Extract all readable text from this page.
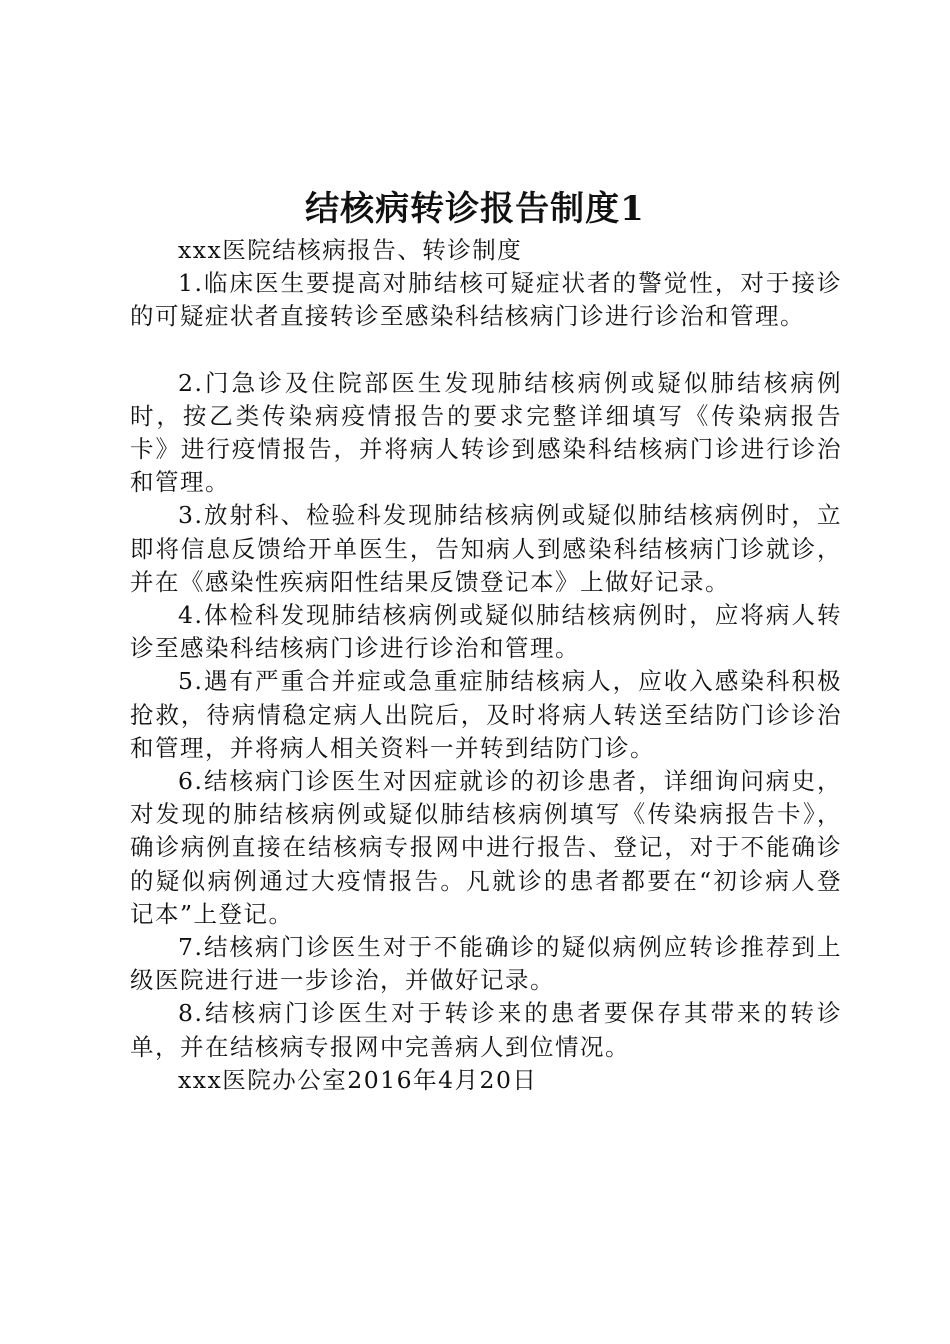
结核病转诊报告制度1

xxx医院结核病报告、转诊制度

1.临床医生要提高对肺结核可疑症状者的警觉性，对于接诊的可疑症状者直接转诊至感染科结核病门诊进行诊治和管理。

2.门急诊及住院部医生发现肺结核病例或疑似肺结核病例时，按乙类传染病疫情报告的要求完整详细填写《传染病报告卡》进行疫情报告，并将病人转诊到感染科结核病门诊进行诊治和管理。

3.放射科、检验科发现肺结核病例或疑似肺结核病例时，立即将信息反馈给开单医生，告知病人到感染科结核病门诊就诊，并在《感染性疾病阳性结果反馈登记本》上做好记录。

4.体检科发现肺结核病例或疑似肺结核病例时，应将病人转诊至感染科结核病门诊进行诊治和管理。

5.遇有严重合并症或急重症肺结核病人，应收入感染科积极抢救，待病情稳定病人出院后，及时将病人转送至结防门诊诊治和管理，并将病人相关资料一并转到结防门诊。

6.结核病门诊医生对因症就诊的初诊患者，详细询问病史，对发现的肺结核病例或疑似肺结核病例填写《传染病报告卡》，确诊病例直接在结核病专报网中进行报告、登记，对于不能确诊的疑似病例通过大疫情报告。凡就诊的患者都要在“初诊病人登记本”上登记。

7.结核病门诊医生对于不能确诊的疑似病例应转诊推荐到上级医院进行进一步诊治，并做好记录。

8.结核病门诊医生对于转诊来的患者要保存其带来的转诊单，并在结核病专报网中完善病人到位情况。

xxx医院办公室2016年4月20日
